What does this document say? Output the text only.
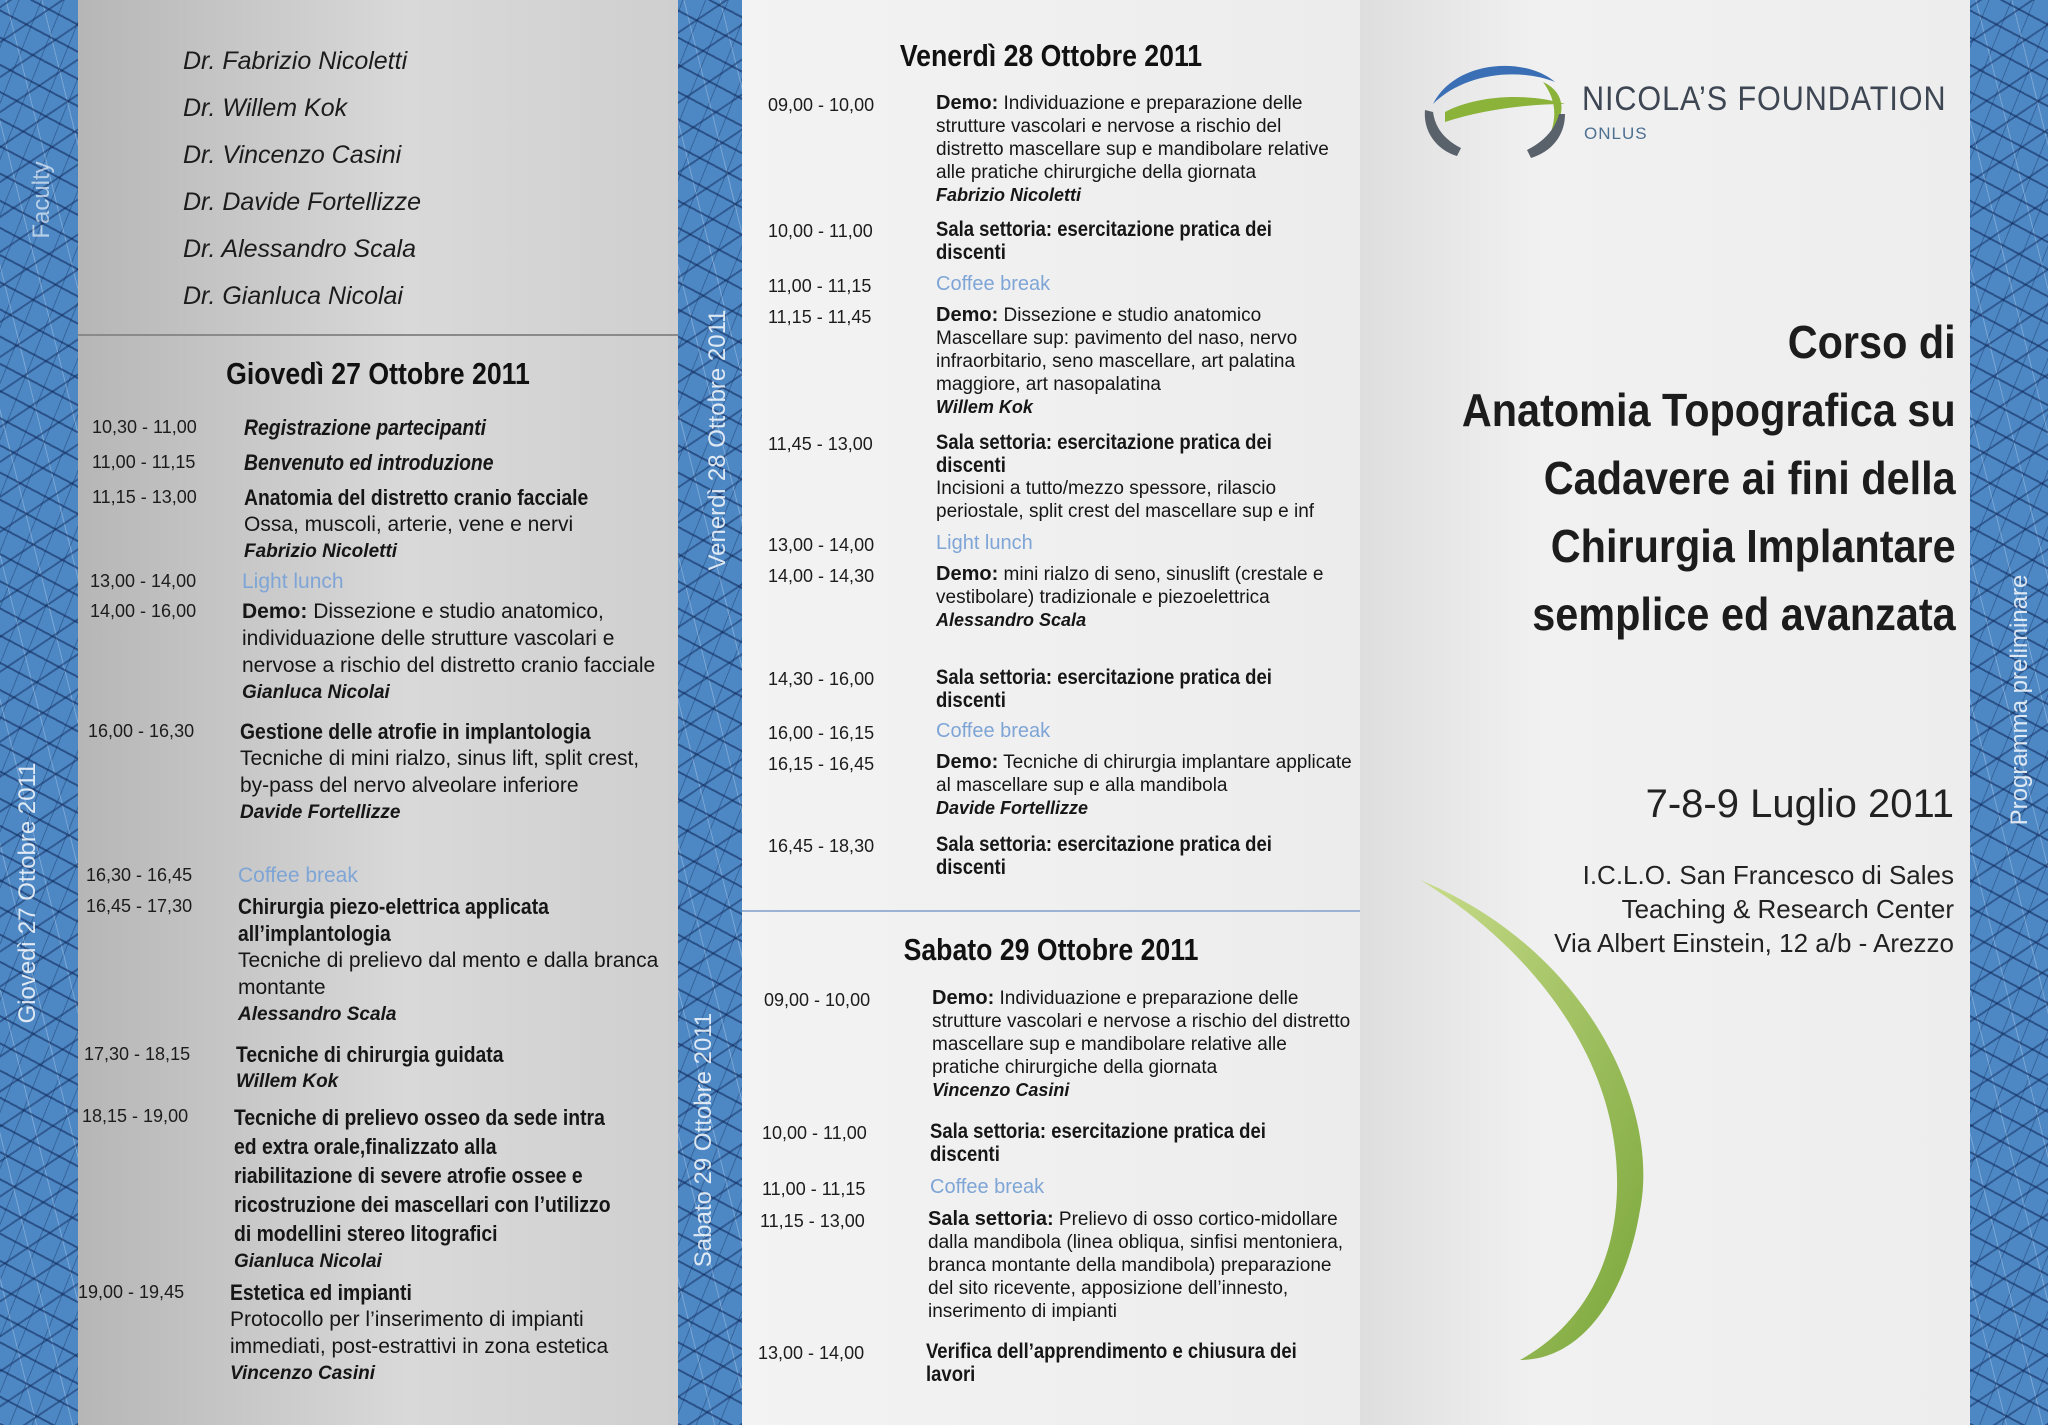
Faculty
Giovedì 27 Ottobre 2011
Venerdì 28 Ottobre 2011
Sabato 29 Ottobre 2011
Programma preliminare
Dr. Fabrizio Nicoletti
Dr. Willem Kok
Dr. Vincenzo Casini
Dr. Davide Fortellizze
Dr. Alessandro Scala
Dr. Gianluca Nicolai
Giovedì 27 Ottobre 2011
10,30 - 11,00 Registrazione partecipanti
11,00 - 11,15 Benvenuto ed introduzione
11,15 - 13,00 Anatomia del distretto cranio facciale
Ossa, muscoli, arterie, vene e nervi
Fabrizio Nicoletti
13,00 - 14,00 Light lunch
14,00 - 16,00 Demo: Dissezione e studio anatomico, individuazione delle strutture vascolari e nervose a rischio del distretto cranio facciale
Gianluca Nicolai
16,00 - 16,30 Gestione delle atrofie in implantologia
Tecniche di mini rialzo, sinus lift, split crest, by-pass del nervo alveolare inferiore
Davide Fortellizze
16,30 - 16,45 Coffee break
16,45 - 17,30 Chirurgia piezo-elettrica applicata all’implantologia
Tecniche di prelievo dal mento e dalla branca montante
Alessandro Scala
17,30 - 18,15 Tecniche di chirurgia guidata
Willem Kok
18,15 - 19,00 Tecniche di prelievo osseo da sede intra ed extra orale,finalizzato alla riabilitazione di severe atrofie ossee e ricostruzione dei mascellari con l’utilizzo di modellini stereo litografici
Gianluca Nicolai
19,00 - 19,45 Estetica ed impianti
Protocollo per l’inserimento di impianti immediati, post-estrattivi in zona estetica
Vincenzo Casini
Venerdì 28 Ottobre 2011
09,00 - 10,00	Demo: Individuazione e preparazione delle strutture vascolari e nervose a rischio del distretto mascellare sup e mandibolare relative alle pratiche chirurgiche della giornata
Fabrizio Nicoletti
10,00 - 11,00	Sala settoria: esercitazione pratica dei discenti
11,00 - 11,15	Coffee break
11,15 - 11,45	Demo: Dissezione e studio anatomico Mascellare sup: pavimento del naso, nervo infraorbitario, seno mascellare, art palatina maggiore, art nasopalatina
Willem Kok
11,45 - 13,00	Sala settoria: esercitazione pratica dei discenti
Incisioni a tutto/mezzo spessore, rilascio periostale, split crest del mascellare sup e inf
13,00 - 14,00	Light lunch
14,00 - 14,30	Demo: mini rialzo di seno, sinuslift (crestale e vestibolare) tradizionale e piezoelettrica
Alessandro Scala
14,30 - 16,00	Sala settoria: esercitazione pratica dei discenti
16,00 - 16,15	Coffee break
16,15 - 16,45	Demo: Tecniche di chirurgia implantare applicate al mascellare sup e alla mandibola
Davide Fortellizze
16,45 - 18,30	Sala settoria: esercitazione pratica dei discenti
Sabato 29 Ottobre 2011
09,00 - 10,00	Demo: Individuazione e preparazione delle strutture vascolari e nervose a rischio del distretto mascellare sup e mandibolare relative alle pratiche chirurgiche della giornata
Vincenzo Casini
10,00 - 11,00	Sala settoria: esercitazione pratica dei discenti
11,00 - 11,15	Coffee break
11,15 - 13,00	Sala settoria: Prelievo di osso cortico-midollare dalla mandibola (linea obliqua, sinfisi mentoniera, branca montante della mandibola) preparazione del sito ricevente, apposizione dell’innesto, inserimento di impianti
13,00 - 14,00	Verifica dell’apprendimento e chiusura dei lavori
NICOLA’S FOUNDATION
ONLUS
Corso di
Anatomia Topografica su
Cadavere ai fini della
Chirurgia Implantare
semplice ed avanzata
7-8-9 Luglio 2011
I.C.L.O. San Francesco di Sales
Teaching & Research Center
Via Albert Einstein, 12 a/b - Arezzo
